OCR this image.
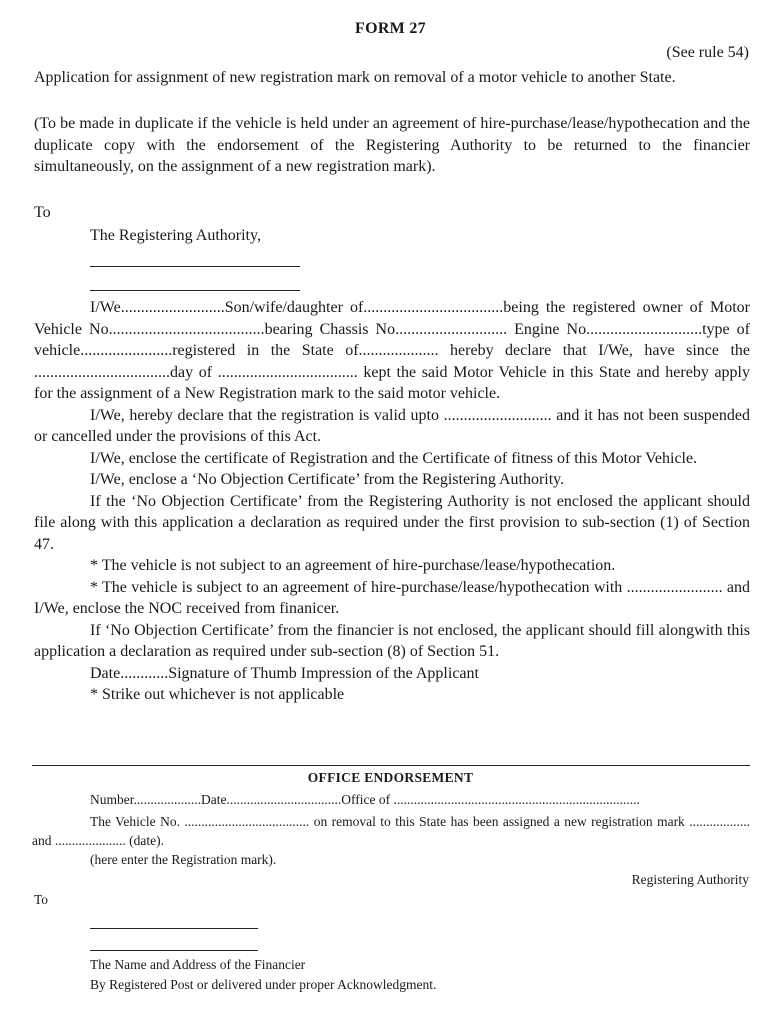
FORM 27
(See rule 54)

Application for assignment of new registration mark on removal of a motor vehicle to another State.

(To be made in duplicate if the vehicle is held under an agreement of hire-purchase/lease/hypothecation and the duplicate copy with the endorsement of the Registering Authority to be returned to the financier simultaneously, on the assignment of a new registration mark).

To

The Registering Authority,

I/We..........................Son/wife/daughter of...................................being the registered owner of Motor Vehicle No.......................................bearing Chassis No............................ Engine No.............................type of vehicle.......................registered in the State of.................... hereby declare that I/We, have since the ..................................day of ................................... kept the said Motor Vehicle in this State and hereby apply for the assignment of a New Registration mark to the said motor vehicle.

I/We, hereby declare that the registration is valid upto ........................... and it has not been suspended or cancelled under the provisions of this Act.

I/We, enclose the certificate of Registration and the Certificate of fitness of this Motor Vehicle.

I/We, enclose a ‘No Objection Certificate’ from the Registering Authority.

If the ‘No Objection Certificate’ from the Registering Authority is not enclosed the applicant should file along with this application a declaration as required under the first provision to sub-section (1) of Section 47.

* The vehicle is not subject to an agreement of hire-purchase/lease/hypothecation.

* The vehicle is subject to an agreement of hire-purchase/lease/hypothecation with ........................ and I/We, enclose the NOC received from finanicer.

If ‘No Objection Certificate’ from the financier is not enclosed, the applicant should fill alongwith this application a declaration as required under sub-section (8) of Section 51.

Date............Signature of Thumb Impression of the Applicant

* Strike out whichever is not applicable

OFFICE ENDORSEMENT

Number....................Date..................................Office of .........................................................................

The Vehicle No. ..................................... on removal to this State has been assigned a new registration mark .................. and ..................... (date).

(here enter the Registration mark).

Registering Authority
To
The Name and Address of the Financier
By Registered Post or delivered under proper Acknowledgment.
